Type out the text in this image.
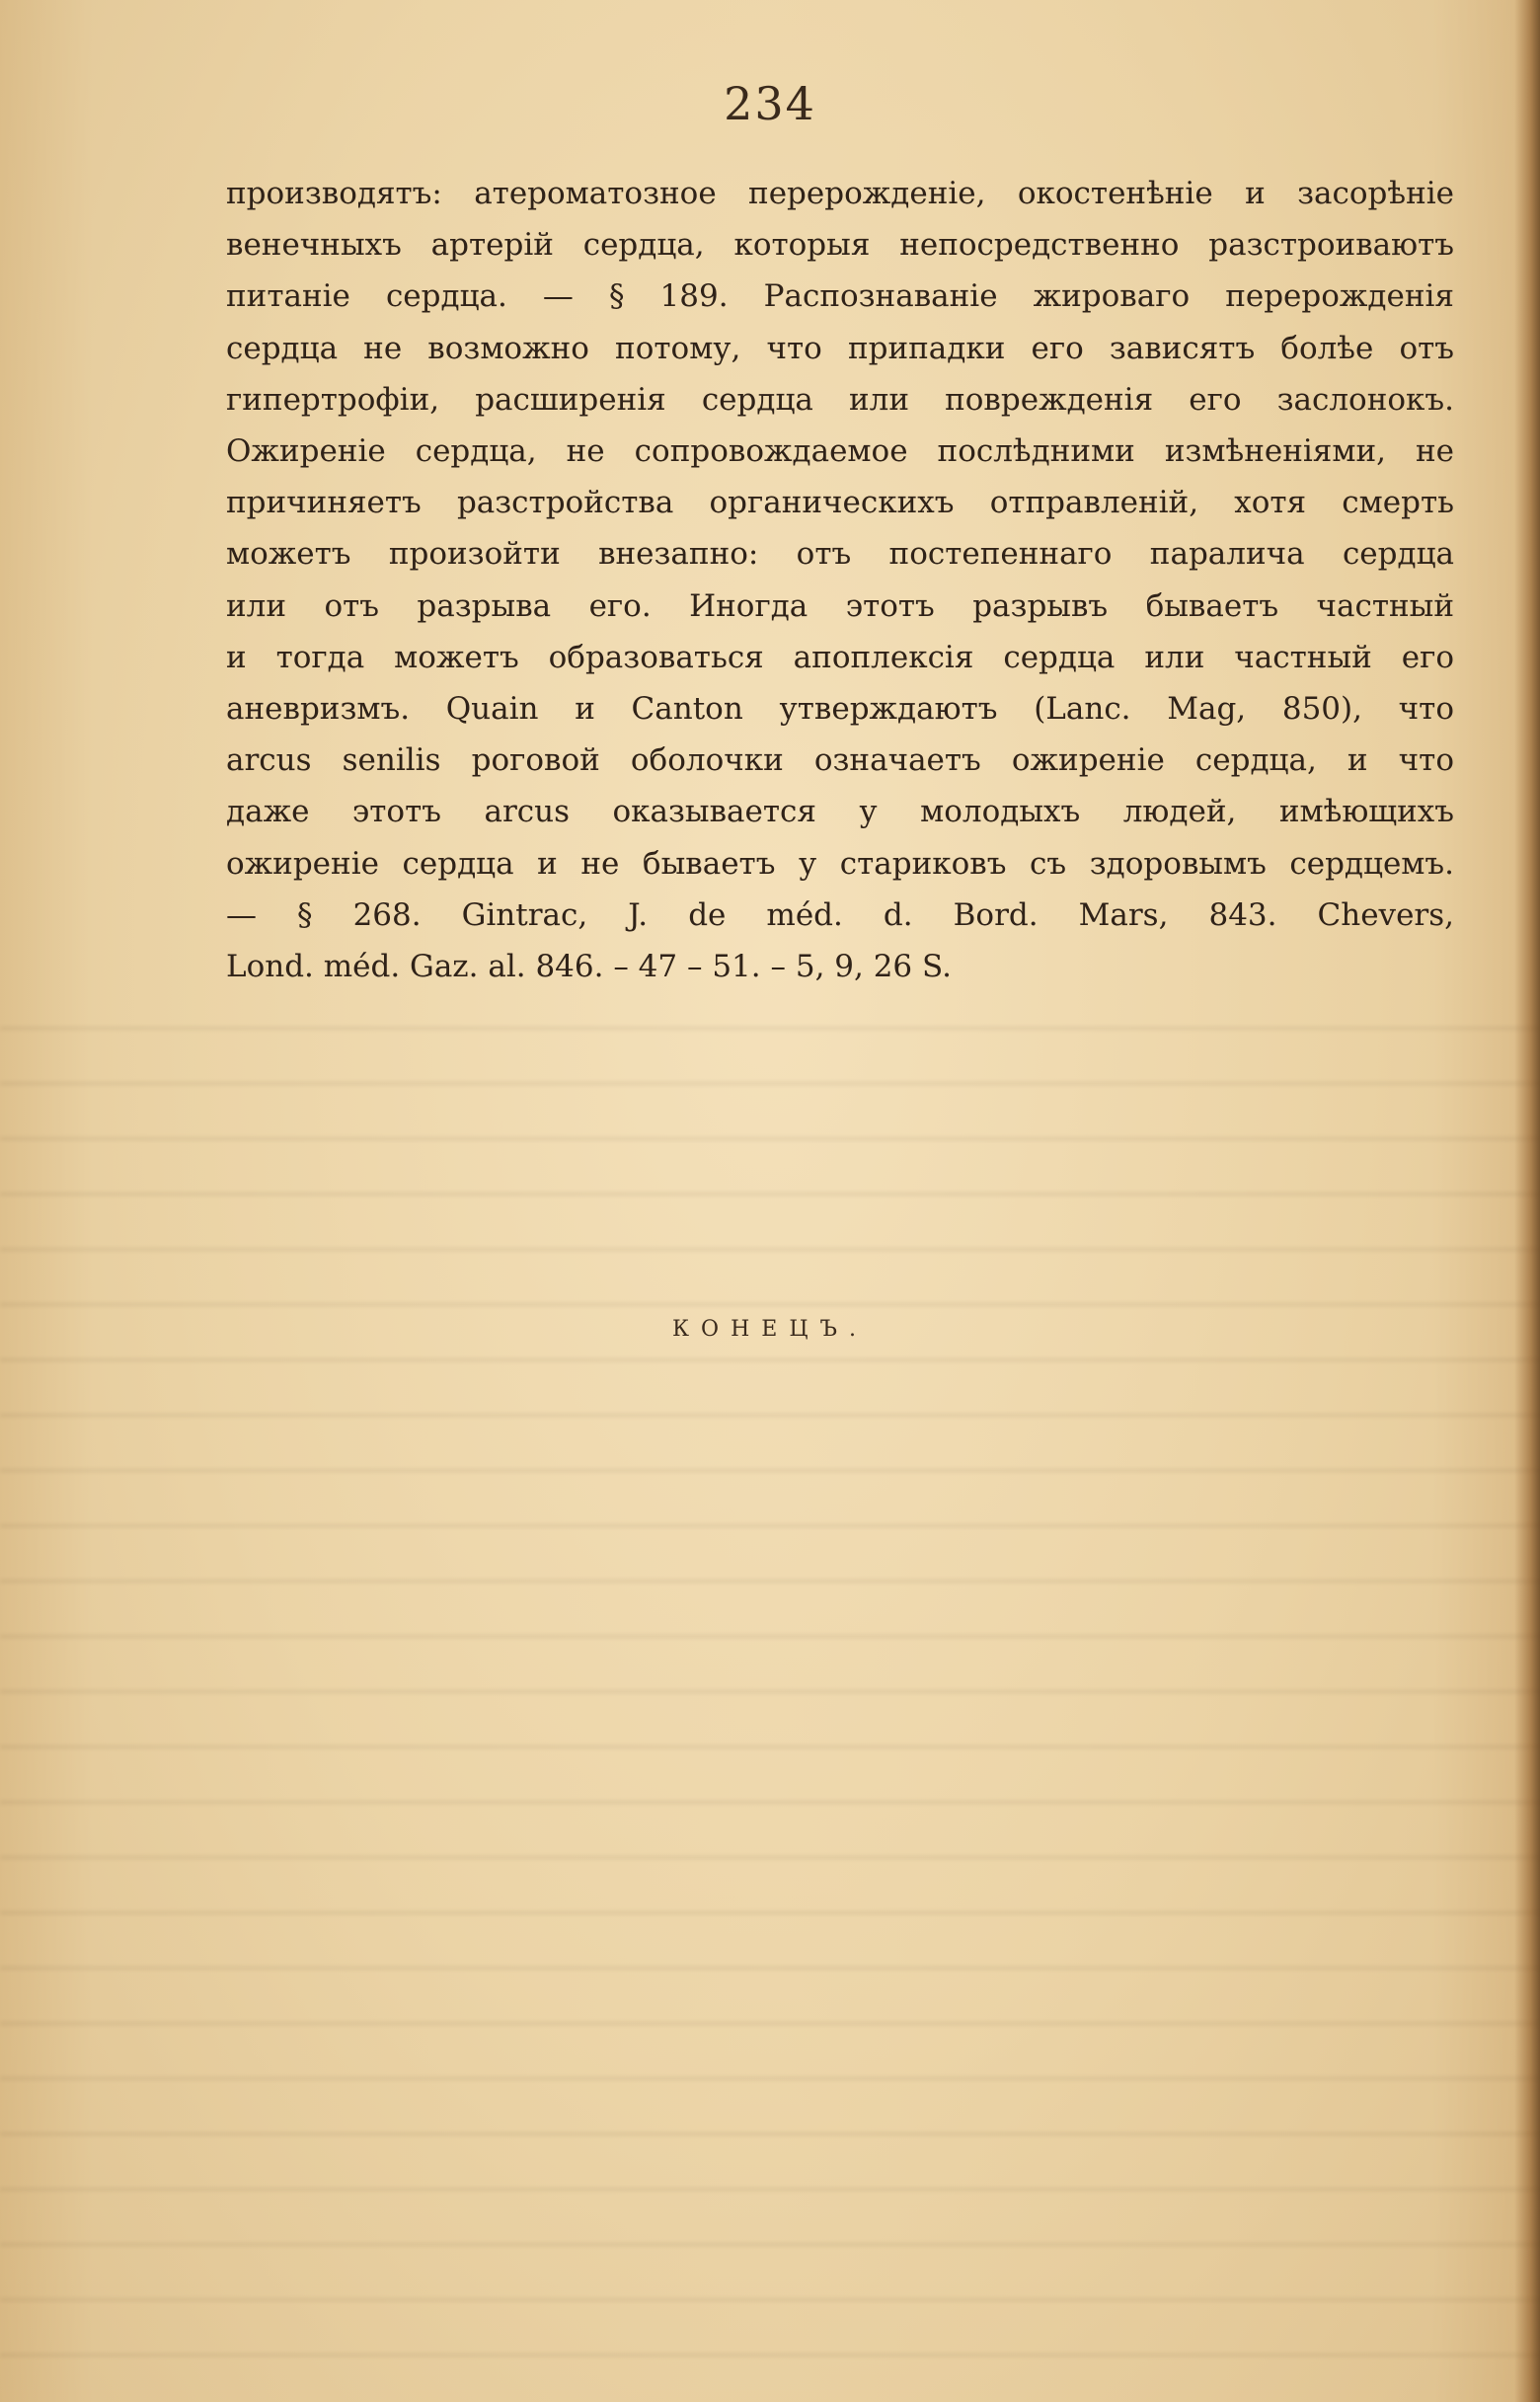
234
производятъ: атероматозное перерожденіе, окостенѣніе и засорѣніе
венечныхъ артерій сердца, которыя непосредственно разстроиваютъ
питаніе сердца. — § 189. Распознаваніе жироваго перерожденія
сердца не возможно потому, что припадки его зависятъ болѣе отъ
гипертрофіи, расширенія сердца или поврежденія его заслонокъ.
Ожиреніе сердца, не сопровождаемое послѣдними измѣненіями, не
причиняетъ разстройства органическихъ отправленій, хотя смерть
можетъ произойти внезапно: отъ постепеннаго паралича сердца
или отъ разрыва его. Иногда этотъ разрывъ бываетъ частный
и тогда можетъ образоваться апоплексія сердца или частный его
аневризмъ. Quain и Canton утверждаютъ (Lanc. Mag, 850), что
arcus senilis роговой оболочки означаетъ ожиреніе сердца, и что
даже этотъ arcus оказывается у молодыхъ людей, имѣющихъ
ожиреніе сердца и не бываетъ у стариковъ съ здоровымъ сердцемъ.
— § 268. Gintrac, J. de méd. d. Bord. Mars, 843. Chevers,
Lond. méd. Gaz. al. 846. – 47 – 51. – 5, 9, 26 S.
КОНЕЦЪ.
